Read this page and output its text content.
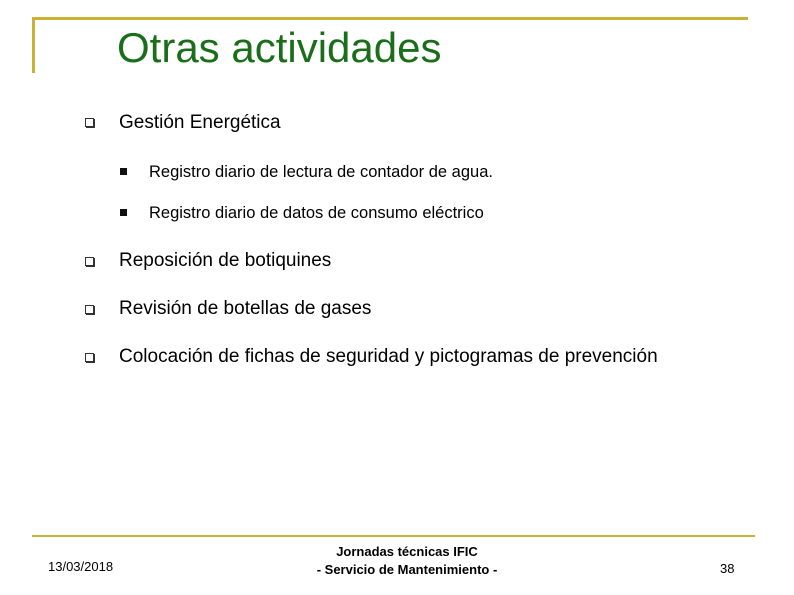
Otras actividades
Gestión Energética
Registro diario de lectura de contador de agua.
Registro diario de datos de consumo eléctrico
Reposición de botiquines
Revisión de botellas de gases
Colocación de fichas de seguridad y pictogramas de prevención
13/03/2018
Jornadas técnicas IFIC
- Servicio de Mantenimiento -	38
